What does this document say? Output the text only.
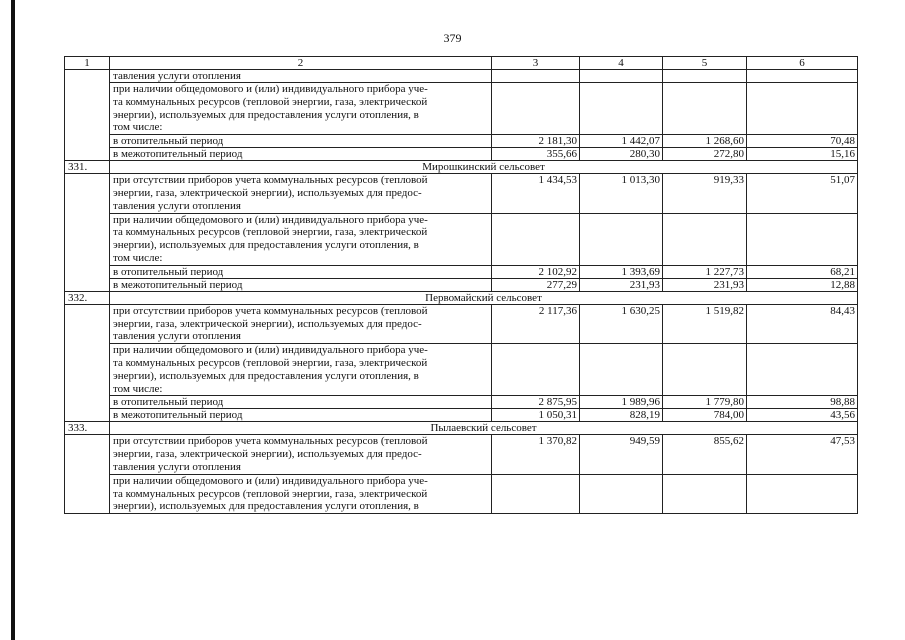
379
1	2	3	4	5	6

	тавления услуги отопления				

	при наличии общедомового и (или) индивидуального прибора уче-
та коммунальных ресурсов (тепловой энергии, газа, электрической
энергии), используемых для предоставления услуги отопления, в
том числе:				

	в отопительный период	2 181,30	1 442,07	1 268,60	70,48

	в межотопительный период	355,66	280,30	272,80	15,16
331.	Мирошкинский сельсовет				

	при отсутствии приборов учета коммунальных ресурсов (тепловой
энергии, газа, электрической энергии), используемых для предос-
тавления услуги отопления	1 434,53	1 013,30	919,33	51,07

	при наличии общедомового и (или) индивидуального прибора уче-
та коммунальных ресурсов (тепловой энергии, газа, электрической
энергии), используемых для предоставления услуги отопления, в
том числе:				

	в отопительный период	2 102,92	1 393,69	1 227,73	68,21

	в межотопительный период	277,29	231,93	231,93	12,88
332.	Первомайский сельсовет				

	при отсутствии приборов учета коммунальных ресурсов (тепловой
энергии, газа, электрической энергии), используемых для предос-
тавления услуги отопления	2 117,36	1 630,25	1 519,82	84,43

	при наличии общедомового и (или) индивидуального прибора уче-
та коммунальных ресурсов (тепловой энергии, газа, электрической
энергии), используемых для предоставления услуги отопления, в
том числе:				

	в отопительный период	2 875,95	1 989,96	1 779,80	98,88

	в межотопительный период	1 050,31	828,19	784,00	43,56
333.	Пылаевский сельсовет				

	при отсутствии приборов учета коммунальных ресурсов (тепловой
энергии, газа, электрической энергии), используемых для предос-
тавления услуги отопления	1 370,82	949,59	855,62	47,53

	при наличии общедомового и (или) индивидуального прибора уче-
та коммунальных ресурсов (тепловой энергии, газа, электрической
энергии), используемых для предоставления услуги отопления, в				
